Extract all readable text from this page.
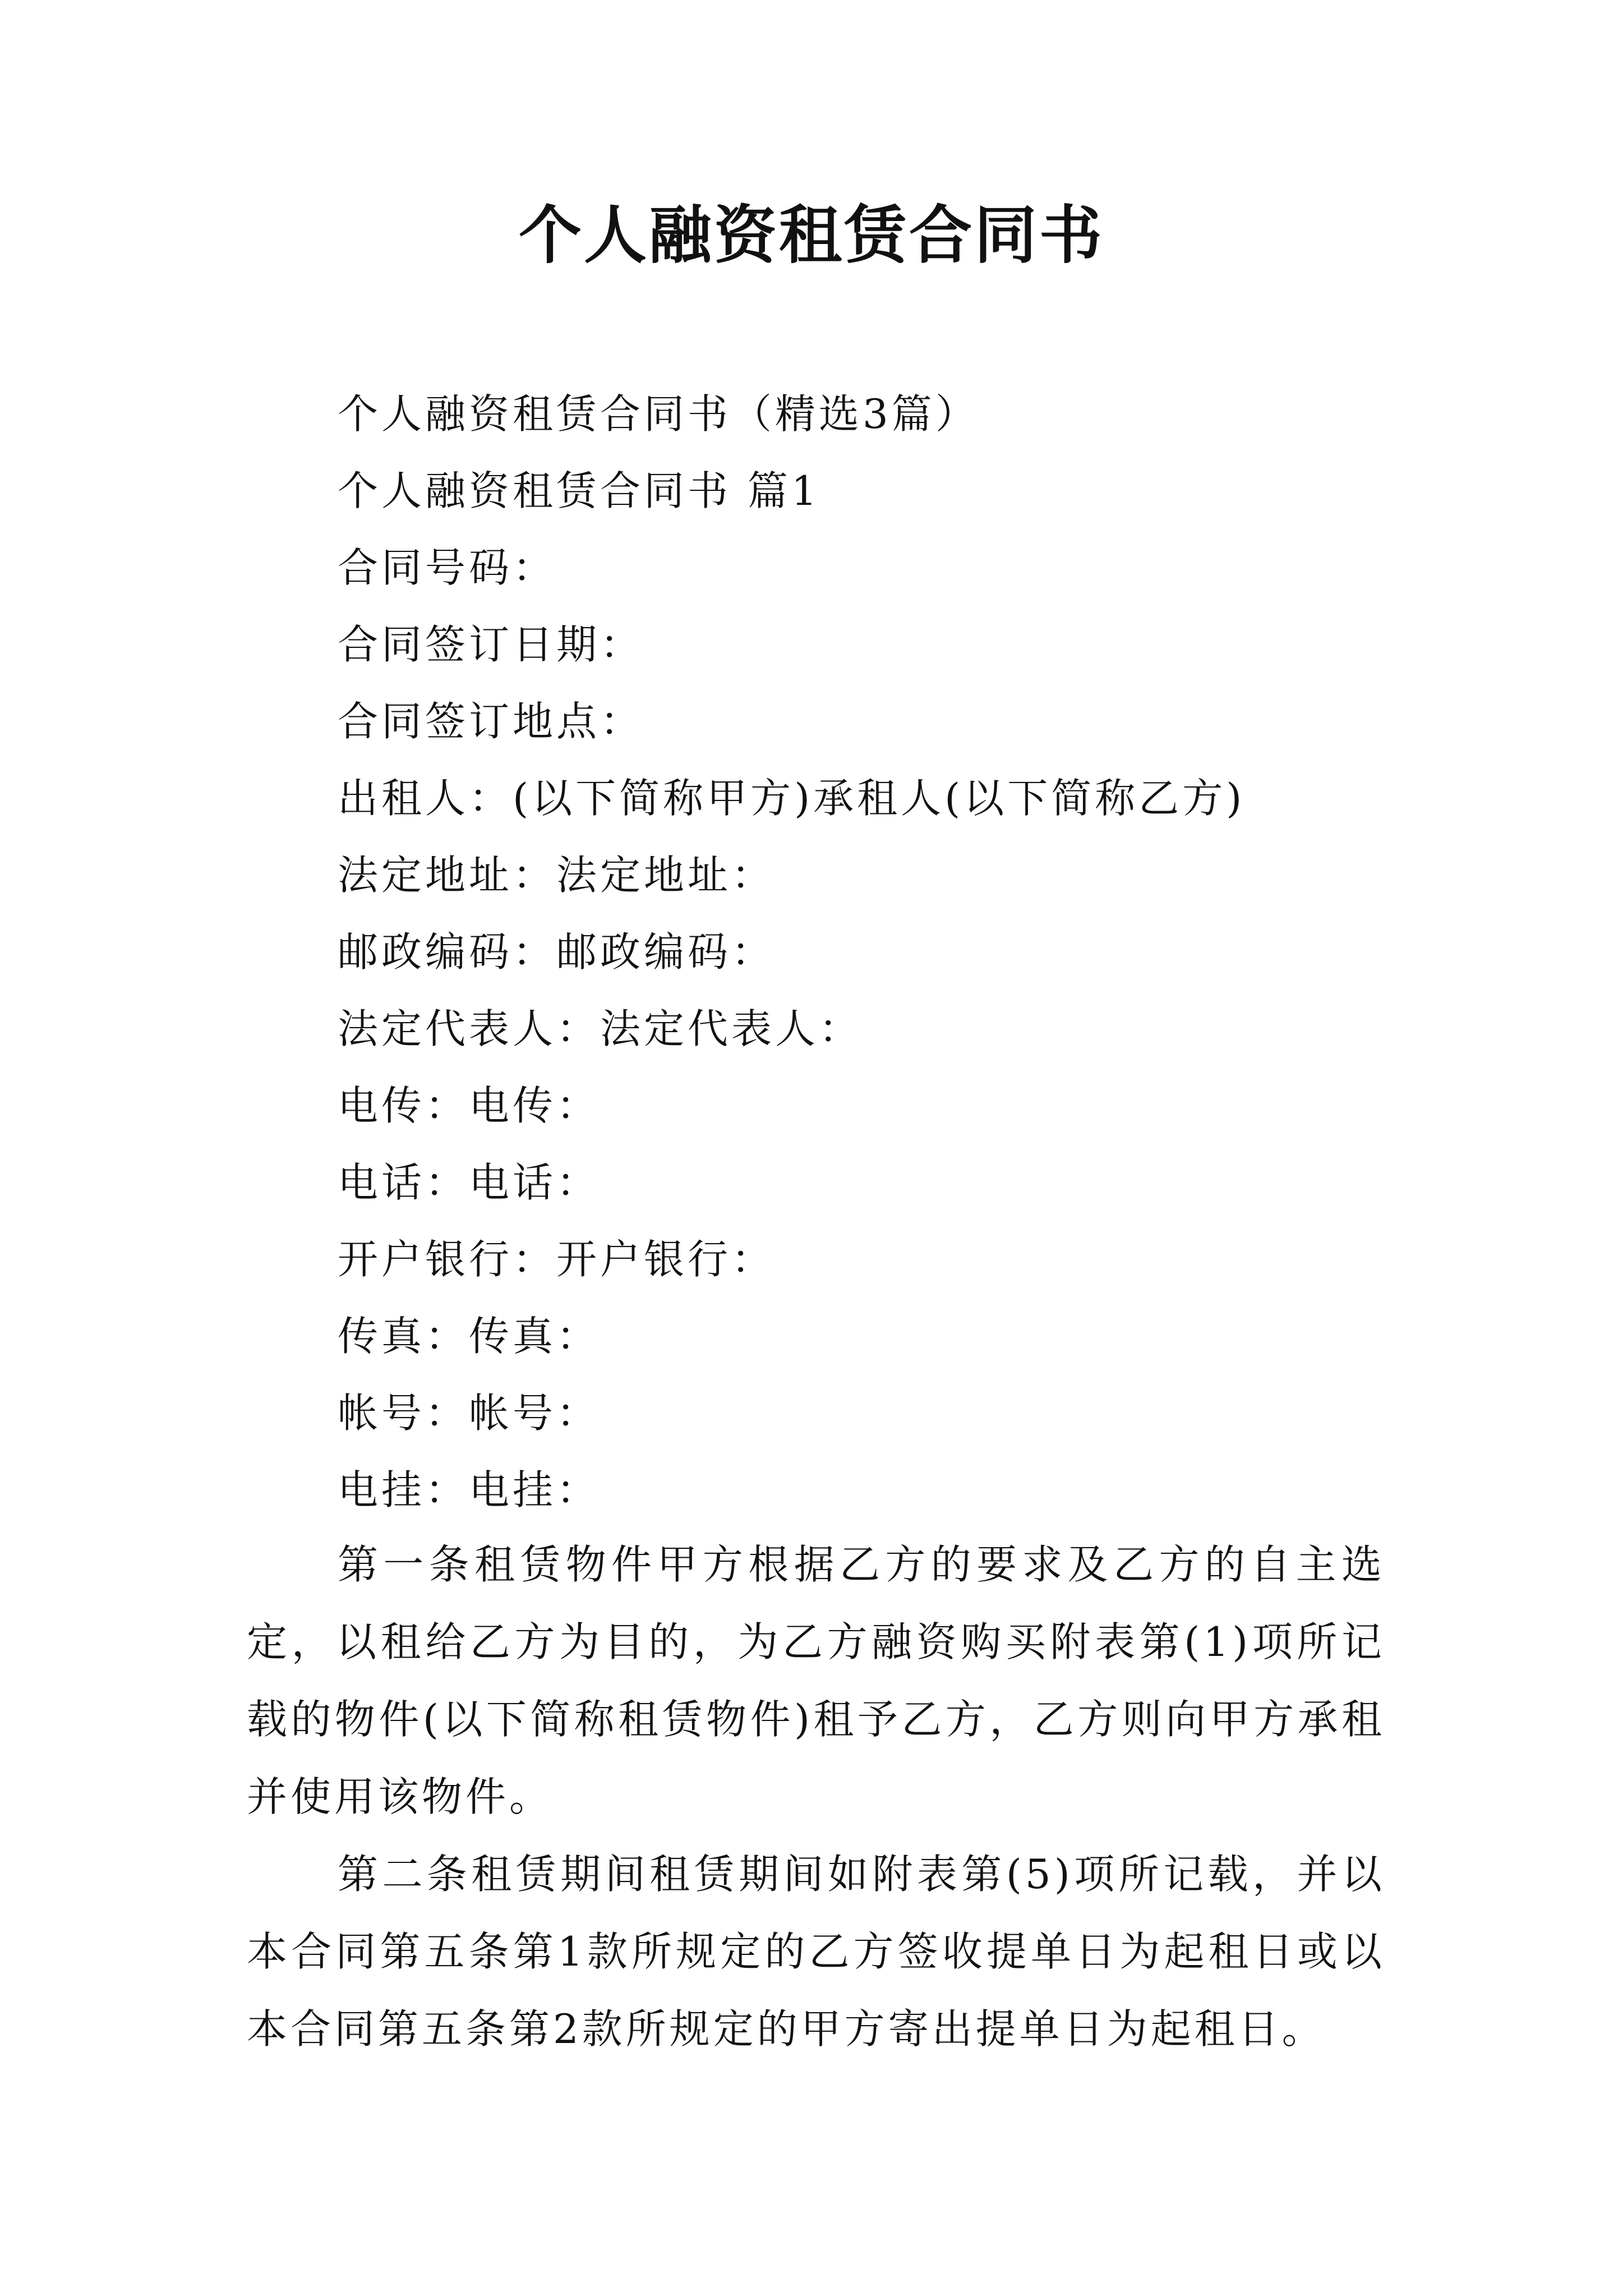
个人融资租赁合同书
个人融资租赁合同书（精选3篇）
个人融资租赁合同书 篇1
合同号码：
合同签订日期：
合同签订地点：
出租人：(以下简称甲方)承租人(以下简称乙方)
法定地址：法定地址：
邮政编码：邮政编码：
法定代表人：法定代表人：
电传：电传：
电话：电话：
开户银行：开户银行：
传真：传真：
帐号：帐号：
电挂：电挂：

第一条租赁物件甲方根据乙方的要求及乙方的自主选定，以租给乙方为目的，为乙方融资购买附表第(1)项所记载的物件(以下简称租赁物件)租予乙方，乙方则向甲方承租并使用该物件。

第二条租赁期间租赁期间如附表第(5)项所记载，并以本合同第五条第1款所规定的乙方签收提单日为起租日或以本合同第五条第2款所规定的甲方寄出提单日为起租日。
